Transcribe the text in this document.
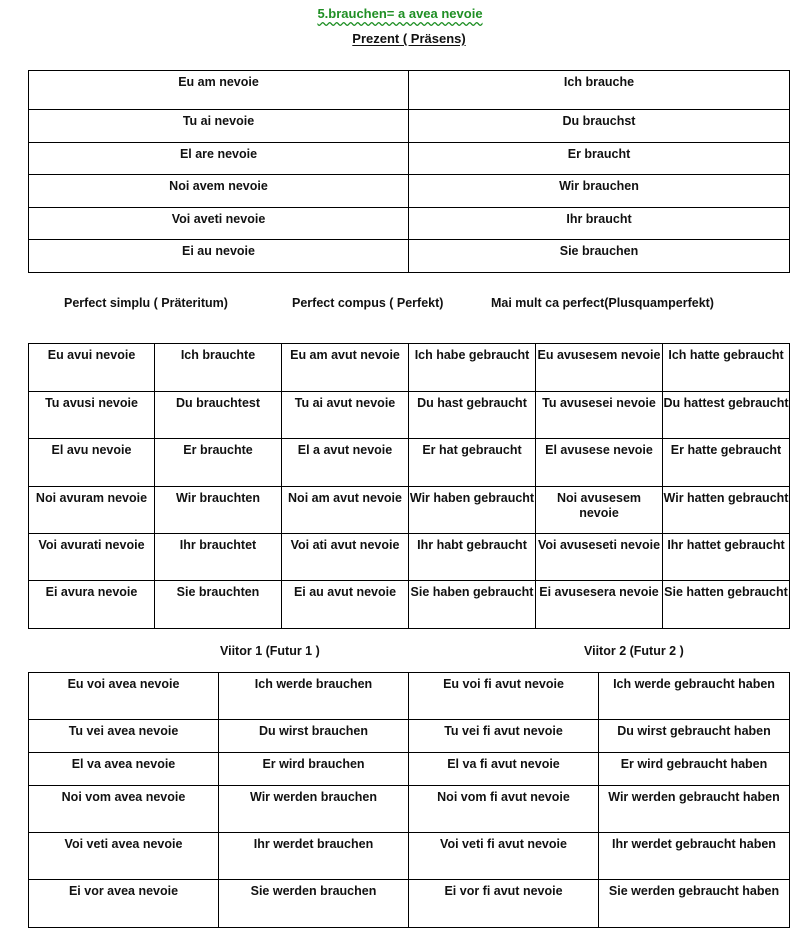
5.brauchen= a avea nevoie
Prezent ( Präsens)
Eu am nevoie	Ich brauche
Tu ai nevoie	Du brauchst
El are nevoie	Er braucht
Noi avem nevoie	Wir brauchen
Voi aveti nevoie	Ihr braucht
Ei au nevoie	Sie brauchen
Perfect simplu ( Präteritum)	Perfect compus ( Perfekt)	Mai mult ca perfect(Plusquamperfekt)
Eu avui nevoie	Ich brauchte	Eu am avut nevoie	Ich habe gebraucht	Eu avusesem nevoie	Ich hatte gebraucht
Tu avusi nevoie	Du brauchtest	Tu ai avut nevoie	Du hast gebraucht	Tu avusesei nevoie	Du hattest gebraucht
El avu nevoie	Er brauchte	El a avut nevoie	Er hat gebraucht	El avusese nevoie	Er hatte gebraucht
Noi avuram nevoie	Wir brauchten	Noi am avut nevoie	Wir haben gebraucht	Noi avusesem nevoie	Wir hatten gebraucht
Voi avurati nevoie	Ihr brauchtet	Voi ati avut nevoie	Ihr habt gebraucht	Voi avuseseti nevoie	Ihr hattet gebraucht
Ei avura nevoie	Sie brauchten	Ei au avut nevoie	Sie haben gebraucht	Ei avusesera nevoie	Sie hatten gebraucht
Viitor 1 (Futur 1 )	Viitor 2 (Futur 2 )
Eu voi avea nevoie	Ich werde brauchen	Eu voi fi avut nevoie	Ich werde gebraucht haben
Tu vei avea nevoie	Du wirst brauchen	Tu vei fi avut nevoie	Du wirst gebraucht haben
El va avea nevoie	Er wird brauchen	El va fi avut nevoie	Er wird gebraucht haben
Noi vom avea nevoie	Wir werden brauchen	Noi vom fi avut nevoie	Wir werden gebraucht haben
Voi veti avea nevoie	Ihr werdet brauchen	Voi veti fi avut nevoie	Ihr werdet gebraucht haben
Ei vor avea nevoie	Sie werden brauchen	Ei vor fi avut nevoie	Sie werden gebraucht haben
